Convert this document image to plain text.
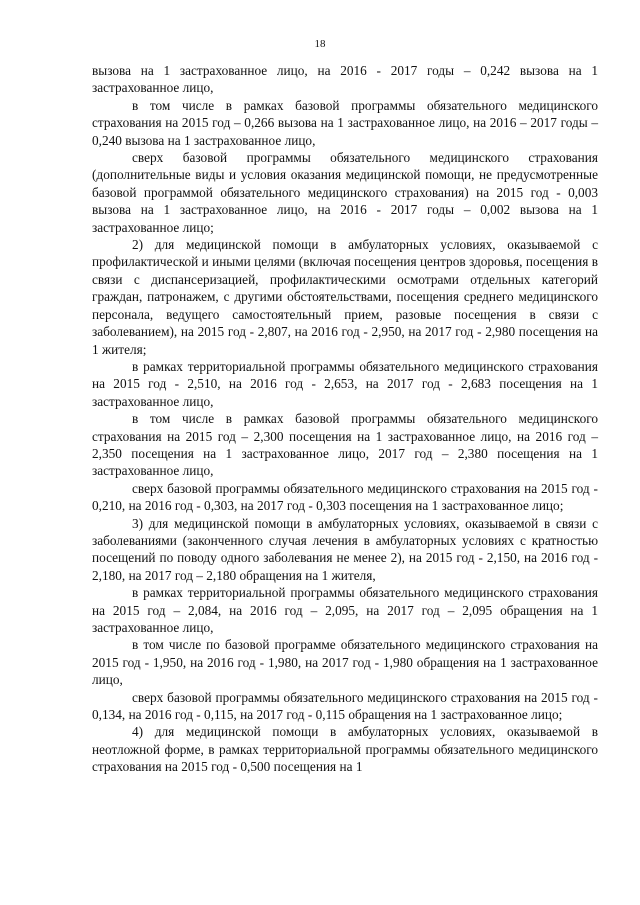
18

вызова на 1 застрахованное лицо, на 2016 - 2017 годы – 0,242 вызова на 1 застрахованное лицо,

в том числе в рамках базовой программы обязательного медицинского страхования на 2015 год – 0,266 вызова на 1 застрахованное лицо, на 2016 – 2017 годы – 0,240 вызова на 1 застрахованное лицо,

сверх базовой программы обязательного медицинского страхования (дополнительные виды и условия оказания медицинской помощи, не предусмотренные базовой программой обязательного медицинского страхования) на 2015 год - 0,003 вызова на 1 застрахованное лицо, на 2016 - 2017 годы – 0,002 вызова на 1 застрахованное лицо;

2) для медицинской помощи в амбулаторных условиях, оказываемой с профилактической и иными целями (включая посещения центров здоровья, посещения в связи с диспансеризацией, профилактическими осмотрами отдельных категорий граждан, патронажем, с другими обстоятельствами, посещения среднего медицинского персонала, ведущего самостоятельный прием, разовые посещения в связи с заболеванием), на 2015 год - 2,807, на 2016 год - 2,950, на 2017 год - 2,980 посещения на 1 жителя;

в рамках территориальной программы обязательного медицинского страхования на 2015 год - 2,510, на 2016 год - 2,653, на 2017 год - 2,683 посещения на 1 застрахованное лицо,

в том числе в рамках базовой программы обязательного медицинского страхования на 2015 год – 2,300 посещения на 1 застрахованное лицо, на 2016 год – 2,350 посещения на 1 застрахованное лицо, 2017 год – 2,380 посещения на 1 застрахованное лицо,

сверх базовой программы обязательного медицинского страхования на 2015 год - 0,210, на 2016 год - 0,303, на 2017 год - 0,303 посещения на 1 застрахованное лицо;

3) для медицинской помощи в амбулаторных условиях, оказываемой в связи с заболеваниями (законченного случая лечения в амбулаторных условиях с кратностью посещений по поводу одного заболевания не менее 2), на 2015 год - 2,150, на 2016 год - 2,180, на 2017 год – 2,180 обращения на 1 жителя,

в рамках территориальной программы обязательного медицинского страхования на 2015 год – 2,084, на 2016 год – 2,095, на 2017 год – 2,095 обращения на 1 застрахованное лицо,

в том числе по базовой программе обязательного медицинского страхования на 2015 год - 1,950, на 2016 год - 1,980, на 2017 год - 1,980 обращения на 1 застрахованное лицо,

сверх базовой программы обязательного медицинского страхования на 2015 год - 0,134, на 2016 год - 0,115, на 2017 год - 0,115 обращения на 1 застрахованное лицо;

4) для медицинской помощи в амбулаторных условиях, оказываемой в неотложной форме, в рамках территориальной программы обязательного медицинского страхования на 2015 год - 0,500 посещения на 1
